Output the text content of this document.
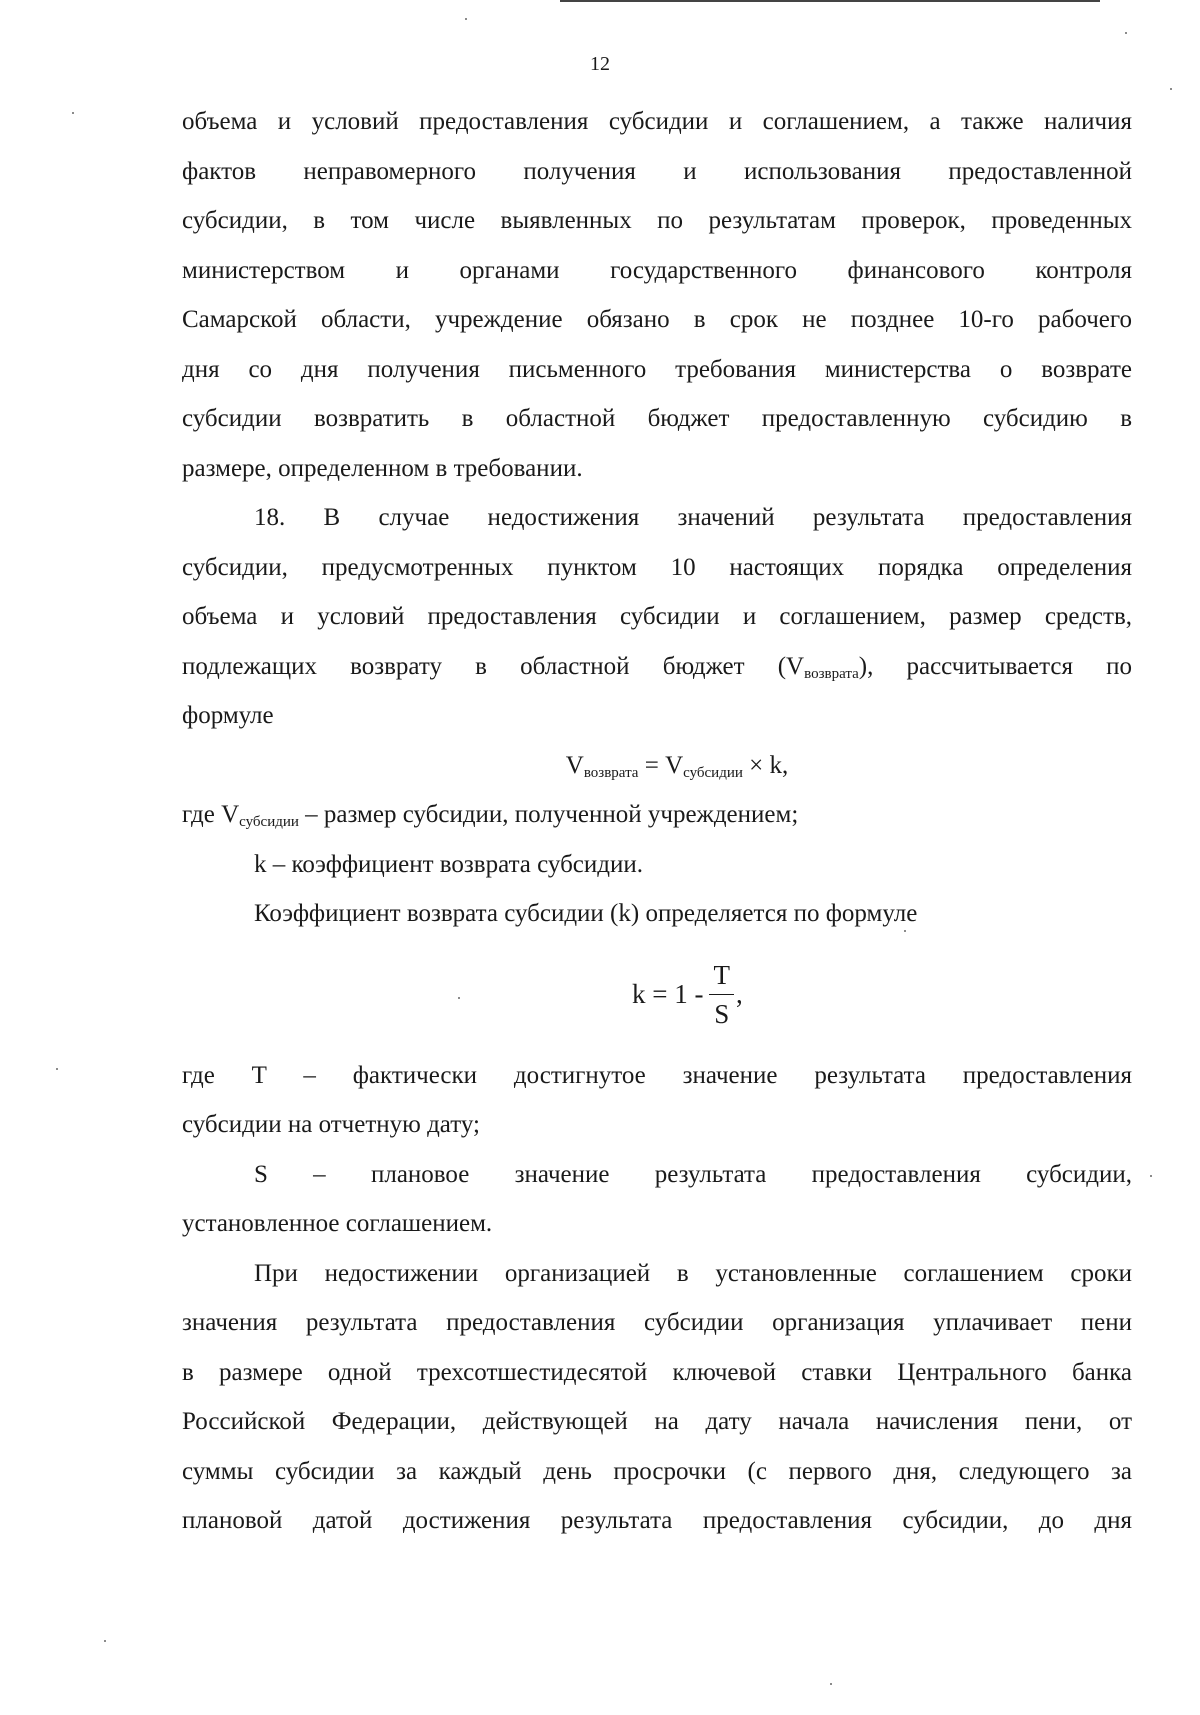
12

объема и условий предоставления субсидии и соглашением, а также наличия
фактов неправомерного получения и использования предоставленной
субсидии, в том числе выявленных по результатам проверок, проведенных
министерством и органами государственного финансового контроля
Самарской области, учреждение обязано в срок не позднее 10-го рабочего
дня со дня получения письменного требования министерства о возврате
субсидии возвратить в областной бюджет предоставленную субсидию в
размере, определенном в требовании.

18. В случае недостижения значений результата предоставления
субсидии, предусмотренных пунктом 10 настоящих порядка определения
объема и условий предоставления субсидии и соглашением, размер средств,
подлежащих возврату в областной бюджет $(V_{возврата})$, рассчитывается по
формуле

$V_{возврата} = V_{субсидии} \times k$,

где $V_{субсидии}$ – размер субсидии, полученной учреждением;
k – коэффициент возврата субсидии.
Коэффициент возврата субсидии (k) определяется по формуле

$k = 1 - \frac{T}{S}$ ,

где T – фактически достигнутое значение результата предоставления
субсидии на отчетную дату;

S – плановое значение результата предоставления субсидии,
установленное соглашением.

При недостижении организацией в установленные соглашением сроки
значения результата предоставления субсидии организация уплачивает пени
в размере одной трехсотшестидесятой ключевой ставки Центрального банка
Российской Федерации, действующей на дату начала начисления пени, от
суммы субсидии за каждый день просрочки (с первого дня, следующего за
плановой датой достижения результата предоставления субсидии, до дня
